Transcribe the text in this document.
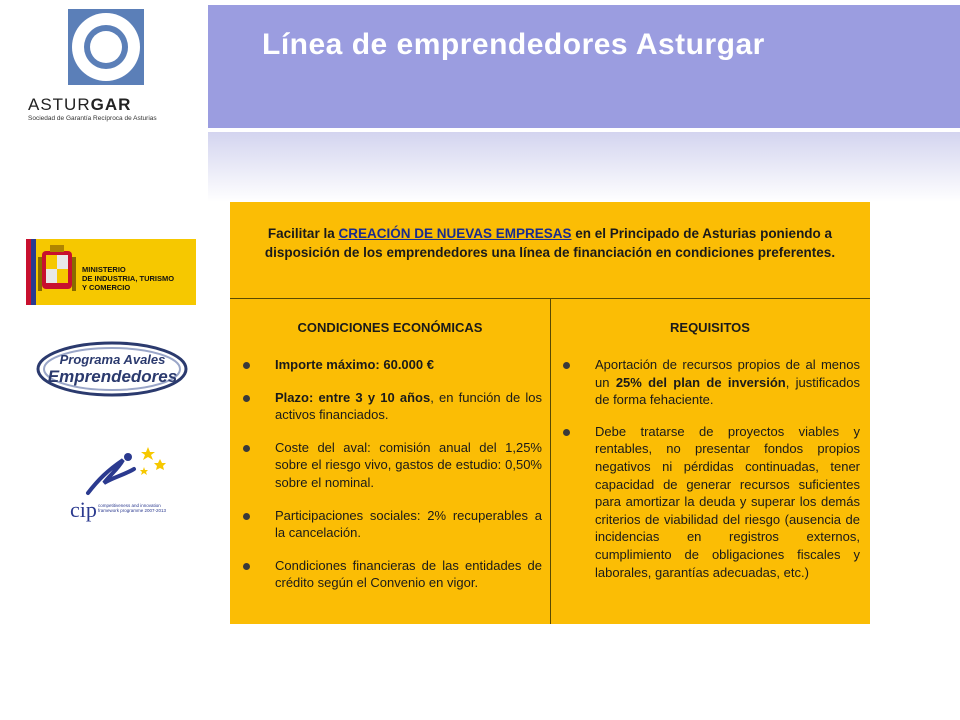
ASTURGAR
Sociedad de Garantía Recíproca de Asturias
Línea de emprendedores Asturgar
MINISTERIO
DE INDUSTRIA, TURISMO
Y COMERCIO
Programa Avales
Emprendedores
cip competitiveness and innovation framework programme 2007-2013
Facilitar la CREACIÓN DE NUEVAS EMPRESAS en el Principado de Asturias poniendo a disposición de los emprendedores una línea de financiación en condiciones preferentes.
CONDICIONES ECONÓMICAS
Importe máximo: 60.000 €
Plazo: entre 3 y 10 años, en función de los activos financiados.
Coste del aval: comisión anual del 1,25% sobre el riesgo vivo, gastos de estudio: 0,50% sobre el nominal.
Participaciones sociales: 2% recuperables a la cancelación.
Condiciones financieras de las entidades de crédito según el Convenio en vigor.
REQUISITOS
Aportación de recursos propios de al menos un 25% del plan de inversión, justificados de forma fehaciente.
Debe tratarse de proyectos viables y rentables, no presentar fondos propios negativos ni pérdidas continuadas, tener capacidad de generar recursos suficientes para amortizar la deuda y superar los demás criterios de viabilidad del riesgo (ausencia de incidencias en registros externos, cumplimiento de obligaciones fiscales y laborales, garantías adecuadas, etc.)
